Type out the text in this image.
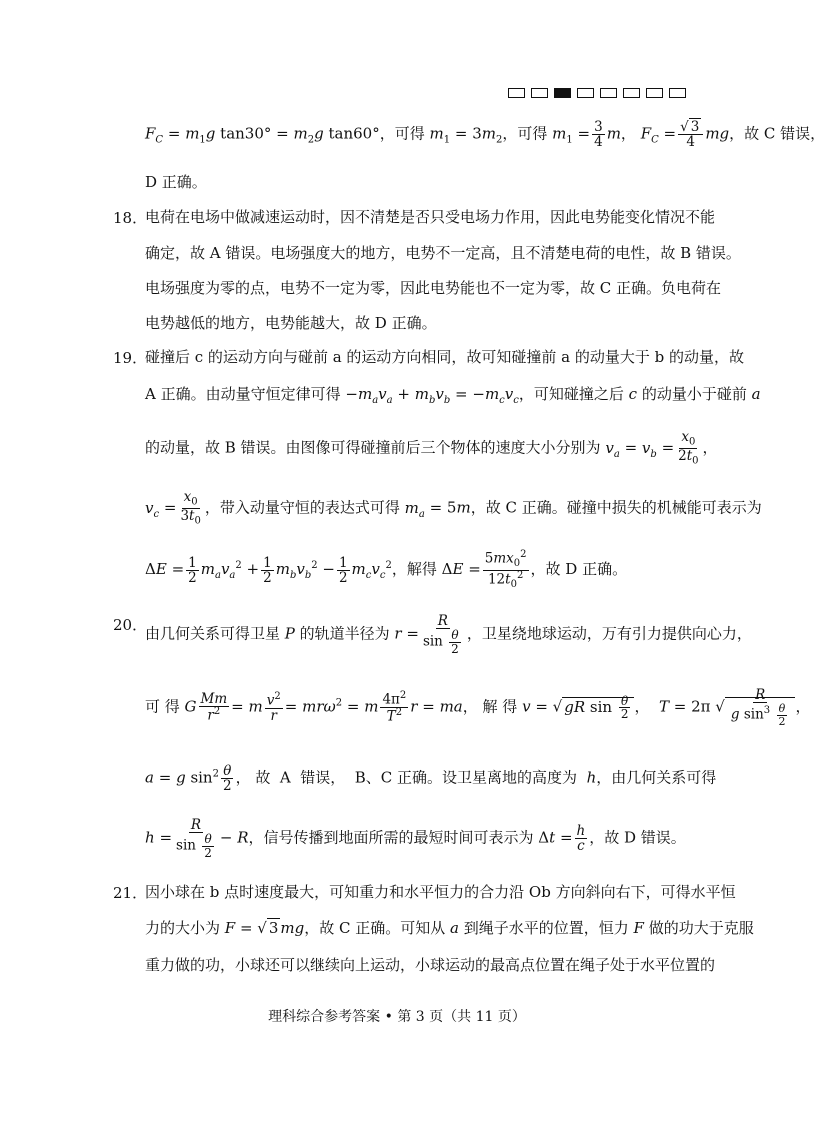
$F_C = m_1g$ $\tan 30^\circ = m_2g$ tan60°，可得 $m_1 = 3m_2$，可得 $m_1 = \frac{3}{4}$ m， $F_C = \frac{√ 3}{4}$ mg，故 C 错误，
D 正确。
18．
电荷在电场中做减速运动时，因不清楚是否只受电场力作用，因此电势能变化情况不能
确定，故 A 错误。电场强度大的地方，电势不一定高，且不清楚电荷的电性，故 B 错误。
电场强度为零的点，电势不一定为零，因此电势能也不一定为零，故 C 正确。负电荷在
电势越低的地方，电势能越大，故 D 正确。
19．
碰撞后 c 的运动方向与碰前 a 的运动方向相同，故可知碰撞前 a 的动量大于 b 的动量，故
A 正确。由动量守恒定律可得 $-m_av_a + m_bv_b = -m_cv_c$，可知碰撞之后 c 的动量小于碰前 a
的动量，故 B 错误。由图像可得碰撞前后三个物体的速度大小分别为 $v_a = v_b = \frac{x_0}{2t_0}$ ，
$v_c = \frac{x_0}{3t_0}$ ，带入动量守恒的表达式可得 $m_a = 5m$，故 C 正确。碰撞中损失的机械能可表示为
$\Delta E = \frac{1}{2} m_av_a^2 + \frac{1}{2} m_bv_b^2 - \frac{1}{2} m_cv_c^2$，解得 $\Delta E = \frac{5mx_0^2}{12t_0^2}$ ，故 D 正确。
20．
由几何关系可得卫星 P 的轨道半径为 $r = \frac{R}{\sin \frac{\theta}{2}}$ ，卫星绕地球运动，万有引力提供向心力，
可 得 G $\frac{Mm}{r^2} = m \frac{v^2}{r} = mr\omega^2 = m \frac{4\pi^2}{T^2}$ r = ma， 解 得 v = √ gR $\sin \frac{\theta}{2}$ ，  T = 2π √ $\frac{R}{g \sin^3 \frac{\theta}{2}}$ ，
a = g $\sin^2 \frac{\theta}{2}$ ， 故  A  错误，  B、C 正确。设卫星离地的高度为  h，由几何关系可得
$h = \frac{R}{\sin \frac{\theta}{2}} - R$，信号传播到地面所需的最短时间可表示为 $\Delta t = \frac{h}{c}$ ，故 D 错误。
21．
因小球在 b 点时速度最大，可知重力和水平恒力的合力沿 Ob 方向斜向右下，可得水平恒
力的大小为 F = √ 3 mg，故 C 正确。可知从 a 到绳子水平的位置，恒力 F 做的功大于克服
重力做的功，小球还可以继续向上运动，小球运动的最高点位置在绳子处于水平位置的
理科综合参考答案 • 第 3 页（共 11 页）
